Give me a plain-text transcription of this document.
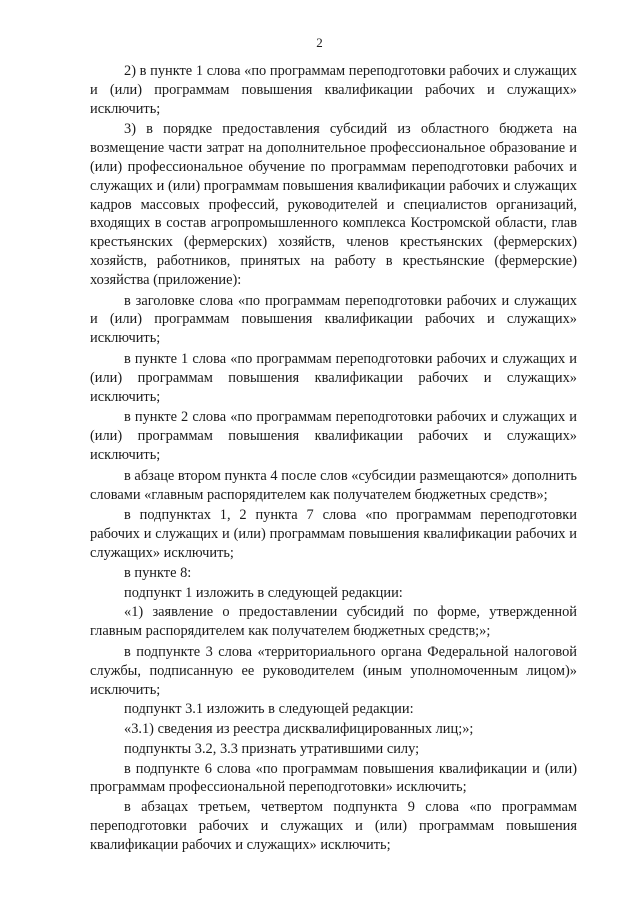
2

2) в пункте 1 слова «по программам переподготовки рабочих и служащих и (или) программам повышения квалификации рабочих и служащих» исключить;

3) в порядке предоставления субсидий из областного бюджета на возмещение части затрат на дополнительное профессиональное образование и (или) профессиональное обучение по программам переподготовки рабочих и служащих и (или) программам повышения квалификации рабочих и служащих кадров массовых профессий, руководителей и специалистов организаций, входящих в состав агропромышленного комплекса Костромской области, глав крестьянских (фермерских) хозяйств, членов крестьянских (фермерских) хозяйств, работников, принятых на работу в крестьянские (фермерские) хозяйства (приложение):

в заголовке слова «по программам переподготовки рабочих и служащих и (или) программам повышения квалификации рабочих и служащих» исключить;

в пункте 1 слова «по программам переподготовки рабочих и служащих и (или) программам повышения квалификации рабочих и служащих» исключить;

в пункте 2 слова «по программам переподготовки рабочих и служащих и (или) программам повышения квалификации рабочих и служащих» исключить;

в абзаце втором пункта 4 после слов «субсидии размещаются» дополнить словами «главным распорядителем как получателем бюджетных средств»;

в подпунктах 1, 2 пункта 7 слова «по программам переподготовки рабочих и служащих и (или) программам повышения квалификации рабочих и служащих» исключить;

в пункте 8:

подпункт 1 изложить в следующей редакции:

«1) заявление о предоставлении субсидий по форме, утвержденной главным распорядителем как получателем бюджетных средств;»;

в подпункте 3 слова «территориального органа Федеральной налоговой службы, подписанную ее руководителем (иным уполномоченным лицом)» исключить;

подпункт 3.1 изложить в следующей редакции:

«3.1) сведения из реестра дисквалифицированных лиц;»;

подпункты 3.2, 3.3 признать утратившими силу;

в подпункте 6 слова «по программам повышения квалификации и (или) программам профессиональной переподготовки» исключить;

в абзацах третьем, четвертом подпункта 9 слова «по программам переподготовки рабочих и служащих и (или) программам повышения квалификации рабочих и служащих» исключить;
